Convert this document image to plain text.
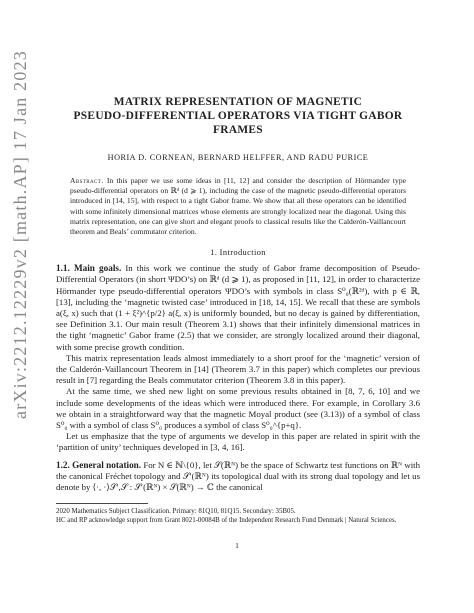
arXiv:2212.12229v2 [math.AP] 17 Jan 2023	MATRIX REPRESENTATION OF MAGNETIC
PSEUDO-DIFFERENTIAL OPERATORS VIA TIGHT GABOR FRAMES
HORIA D. CORNEAN, BERNARD HELFFER, AND RADU PURICE
Abstract. In this paper we use some ideas in [11, 12] and consider the description of Hörmander type pseudo-differential operators on ℝᵈ (d ⩾ 1), including the case of the magnetic pseudo-differential operators introduced in [14, 15], with respect to a tight Gabor frame. We show that all these operators can be identified with some infinitely dimensional matrices whose elements are strongly localized near the diagonal. Using this matrix representation, one can give short and elegant proofs to classical results like the Calderón-Vaillancourt theorem and Beals’ commutator criterion.
1. Introduction

1.1. Main goals. In this work we continue the study of Gabor frame decomposition of Pseudo-Differential Operators (in short ΨDO’s) on ℝᵈ (d ⩾ 1), as proposed in [11, 12], in order to characterize Hörmander type pseudo-differential operators ΨDO’s with symbols in class S⁰₀(ℝ²ᵈ), with p ∈ ℝ, [13], including the ‘magnetic twisted case’ introduced in [18, 14, 15]. We recall that these are symbols a(ξ, x) such that (1 + ξ²)^{p/2} a(ξ, x) is uniformly bounded, but no decay is gained by differentiation, see Definition 3.1. Our main result (Theorem 3.1) shows that their infinitely dimensional matrices in the tight ‘magnetic’ Gabor frame (2.5) that we consider, are strongly localized around their diagonal, with some precise growth condition.

This matrix representation leads almost immediately to a short proof for the ‘magnetic’ version of the Calderón-Vaillancourt Theorem in [14] (Theorem 3.7 in this paper) which completes our previous result in [7] regarding the Beals commutator criterion (Theorem 3.8 in this paper).

At the same time, we shed new light on some previous results obtained in [8, 7, 6, 10] and we include some developments of the ideas which were introduced there. For example, in Corollary 3.6 we obtain in a straightforward way that the magnetic Moyal product (see (3.13)) of a symbol of class S⁰₀ with a symbol of class S⁰₀ produces a symbol of class S⁰₀^{p+q}.

Let us emphasize that the type of arguments we develop in this paper are related in spirit with the ‘partition of unity’ techniques developed in [3, 4, 16].

1.2. General notation. For N ∈ ℕ\{0}, let 𝒮(ℝᴺ) be the space of Schwartz test functions on ℝᴺ with the canonical Fréchet topology and 𝒮′(ℝᴺ) its topological dual with its strong dual topology and let us denote by ⟨·, ·⟩𝒮′,𝒮 : 𝒮′(ℝᴺ) × 𝒮(ℝᴺ) → ℂ the canonical

2020 Mathematics Subject Classification. Primary: 81Q10, 81Q15. Secondary: 35B05.
HC and RP acknowledge support from Grant 8021-00084B of the Independent Research Fund Denmark | Natural Sciences.
1
